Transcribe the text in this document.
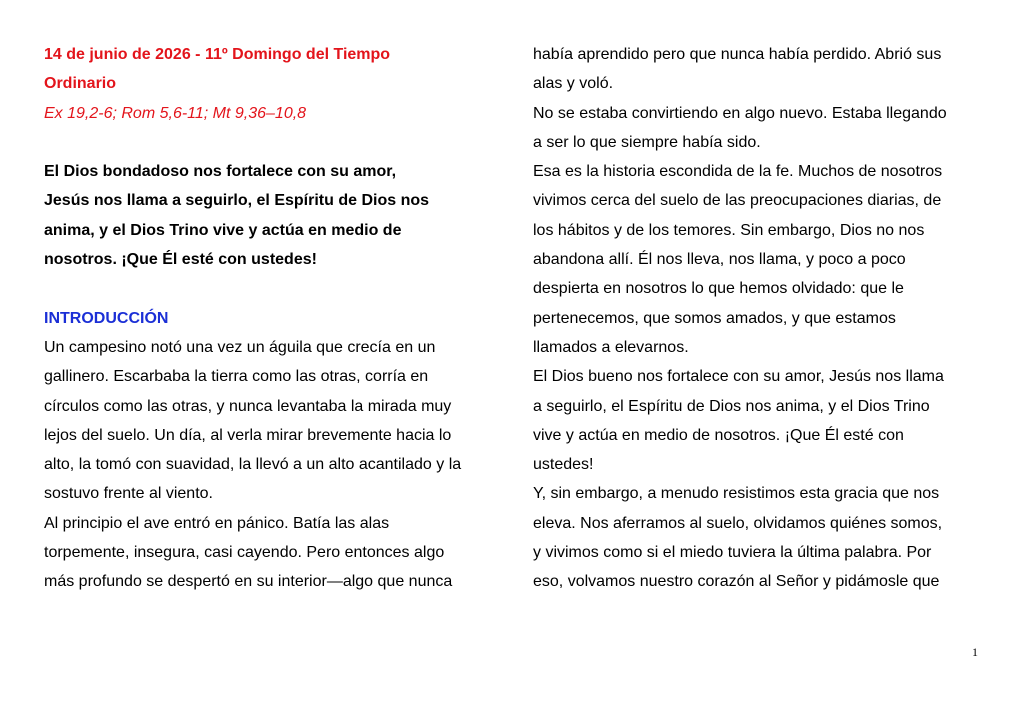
14 de junio de 2026 - 11º Domingo del Tiempo
Ordinario
Ex 19,2-6; Rom 5,6-11; Mt 9,36–10,8
El Dios bondadoso nos fortalece con su amor,
Jesús nos llama a seguirlo, el Espíritu de Dios nos
anima, y el Dios Trino vive y actúa en medio de
nosotros. ¡Que Él esté con ustedes!
INTRODUCCIÓN
Un campesino notó una vez un águila que crecía en un
gallinero. Escarbaba la tierra como las otras, corría en
círculos como las otras, y nunca levantaba la mirada muy
lejos del suelo. Un día, al verla mirar brevemente hacia lo
alto, la tomó con suavidad, la llevó a un alto acantilado y la
sostuvo frente al viento.
Al principio el ave entró en pánico. Batía las alas
torpemente, insegura, casi cayendo. Pero entonces algo
más profundo se despertó en su interior—algo que nunca
había aprendido pero que nunca había perdido. Abrió sus
alas y voló.
No se estaba convirtiendo en algo nuevo. Estaba llegando
a ser lo que siempre había sido.
Esa es la historia escondida de la fe. Muchos de nosotros
vivimos cerca del suelo de las preocupaciones diarias, de
los hábitos y de los temores. Sin embargo, Dios no nos
abandona allí. Él nos lleva, nos llama, y poco a poco
despierta en nosotros lo que hemos olvidado: que le
pertenecemos, que somos amados, y que estamos
llamados a elevarnos.
El Dios bueno nos fortalece con su amor, Jesús nos llama
a seguirlo, el Espíritu de Dios nos anima, y el Dios Trino
vive y actúa en medio de nosotros. ¡Que Él esté con
ustedes!
Y, sin embargo, a menudo resistimos esta gracia que nos
eleva. Nos aferramos al suelo, olvidamos quiénes somos,
y vivimos como si el miedo tuviera la última palabra. Por
eso, volvamos nuestro corazón al Señor y pidámosle que
1
